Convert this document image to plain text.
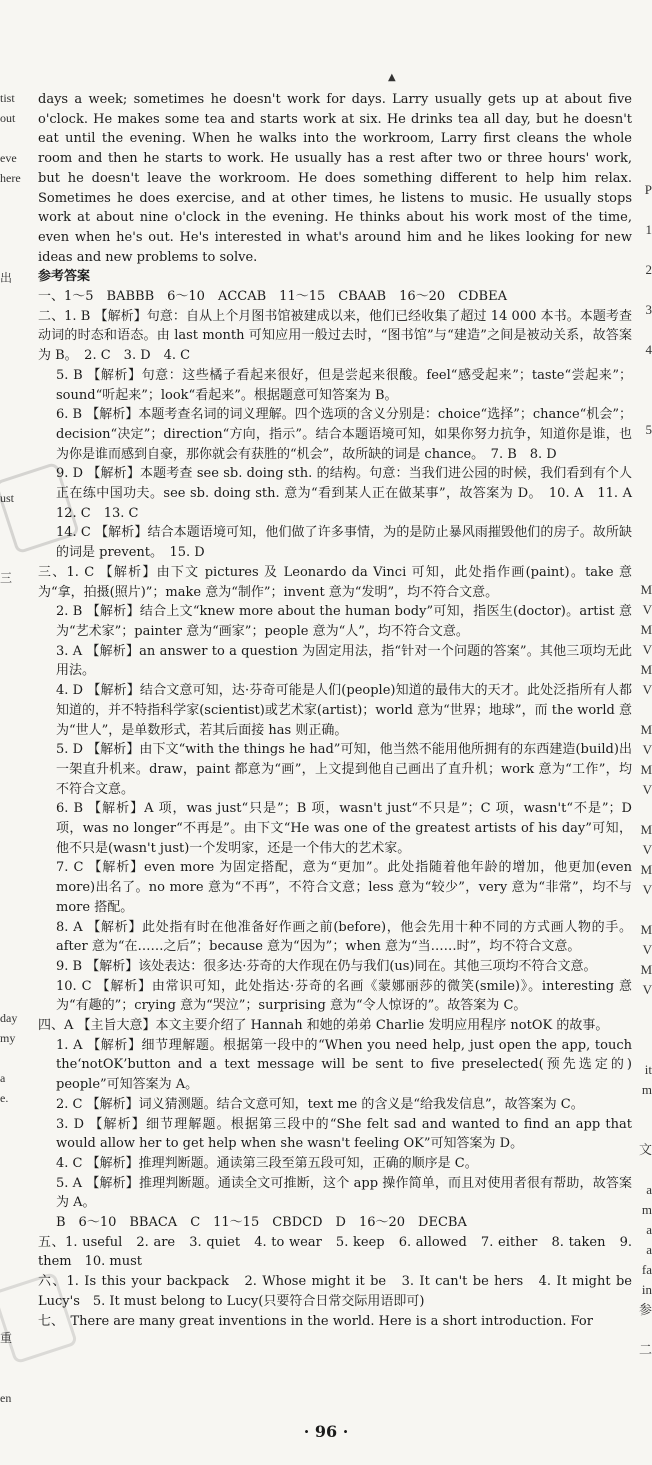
▲
tist
out

eve
here

出

ust

三

day
my

a
e.

重

en
P

1

2

3

4

5

M
V
M
V
M
V

M
V
M
V

M
V
M
V

M
V
M
V

it
m

文

a
m
a
a
fa
in
参

二

days a week; sometimes he doesn't work for days. Larry usually gets up at about five o'clock. He makes some tea and starts work at six. He drinks tea all day, but he doesn't eat until the evening. When he walks into the workroom, Larry first cleans the whole room and then he starts to work. He usually has a rest after two or three hours' work, but he doesn't leave the workroom. He does something different to help him relax. Sometimes he does exercise, and at other times, he listens to music. He usually stops work at about nine o'clock in the evening. He thinks about his work most of the time, even when he's out. He's interested in what's around him and he likes looking for new ideas and new problems to solve.

参考答案

一、1～5　BABBB　6～10　ACCAB　11～15　CBAAB　16～20　CDBEA

二、1. B 【解析】句意：自从上个月图书馆被建成以来，他们已经收集了超过 14 000 本书。本题考查动词的时态和语态。由 last month 可知应用一般过去时，“图书馆”与“建造”之间是被动关系，故答案为 B。　2. C　3. D　4. C

5. B 【解析】句意：这些橘子看起来很好，但是尝起来很酸。feel“感受起来”；taste“尝起来”；sound“听起来”；look“看起来”。根据题意可知答案为 B。

6. B 【解析】本题考查名词的词义理解。四个选项的含义分别是：choice“选择”；chance“机会”；decision“决定”；direction“方向，指示”。结合本题语境可知，如果你努力抗争，知道你是谁，也为你是谁而感到自豪，那你就会有获胜的“机会”，故所缺的词是 chance。　7. B　8. D

9. D 【解析】本题考查 see sb. doing sth. 的结构。句意：当我们进公园的时候，我们看到有个人正在练中国功夫。see sb. doing sth. 意为“看到某人正在做某事”，故答案为 D。　10. A　11. A　12. C　13. C

14. C 【解析】结合本题语境可知，他们做了许多事情，为的是防止暴风雨摧毁他们的房子。故所缺的词是 prevent。　15. D

三、1. C 【解析】由下文 pictures 及 Leonardo da Vinci 可知，此处指作画(paint)。take 意为“拿，拍摄(照片)”；make 意为“制作”；invent 意为“发明”，均不符合文意。

2. B 【解析】结合上文“knew more about the human body”可知，指医生(doctor)。artist 意为“艺术家”；painter 意为“画家”；people 意为“人”，均不符合文意。

3. A 【解析】an answer to a question 为固定用法，指“针对一个问题的答案”。其他三项均无此用法。

4. D 【解析】结合文意可知，达·芬奇可能是人们(people)知道的最伟大的天才。此处泛指所有人都知道的，并不特指科学家(scientist)或艺术家(artist)；world 意为“世界；地球”，而 the world 意为“世人”，是单数形式，若其后面接 has 则正确。

5. D 【解析】由下文“with the things he had”可知，他当然不能用他所拥有的东西建造(build)出一架直升机来。draw，paint 都意为“画”，上文提到他自己画出了直升机；work 意为“工作”，均不符合文意。

6. B 【解析】A 项，was just“只是”；B 项，wasn't just“不只是”；C 项，wasn't“不是”；D 项，was no longer“不再是”。由下文“He was one of the greatest artists of his day”可知，他不只是(wasn't just)一个发明家，还是一个伟大的艺术家。

7. C 【解析】even more 为固定搭配，意为“更加”。此处指随着他年龄的增加，他更加(even more)出名了。no more 意为“不再”，不符合文意；less 意为“较少”，very 意为“非常”，均不与 more 搭配。

8. A 【解析】此处指有时在他准备好作画之前(before)，他会先用十种不同的方式画人物的手。after 意为“在……之后”；because 意为“因为”；when 意为“当……时”，均不符合文意。

9. B 【解析】该处表达：很多达·芬奇的大作现在仍与我们(us)同在。其他三项均不符合文意。

10. C 【解析】由常识可知，此处指达·芬奇的名画《蒙娜丽莎的微笑(smile)》。interesting 意为“有趣的”；crying 意为“哭泣”；surprising 意为“令人惊讶的”。故答案为 C。

四、A 【主旨大意】本文主要介绍了 Hannah 和她的弟弟 Charlie 发明应用程序 notOK 的故事。

1. A 【解析】细节理解题。根据第一段中的“When you need help, just open the app, touch the‘notOK’button and a text message will be sent to five preselected(预先选定的) people”可知答案为 A。

2. C 【解析】词义猜测题。结合文意可知，text me 的含义是“给我发信息”，故答案为 C。

3. D 【解析】细节理解题。根据第三段中的“She felt sad and wanted to find an app that would allow her to get help when she wasn't feeling OK”可知答案为 D。

4. C 【解析】推理判断题。通读第三段至第五段可知，正确的顺序是 C。

5. A 【解析】推理判断题。通读全文可推断，这个 app 操作简单，而且对使用者很有帮助，故答案为 A。

B　6～10　BBACA　C　11～15　CBDCD　D　16～20　DECBA

五、1. useful　2. are　3. quiet　4. to wear　5. keep　6. allowed　7. either　8. taken　9. them　10. must

六、1. Is this your backpack　2. Whose might it be　3. It can't be hers　4. It might be Lucy's　5. It must belong to Lucy(只要符合日常交际用语即可)

七、　There are many great inventions in the world. Here is a short introduction. For

· 96 ·
